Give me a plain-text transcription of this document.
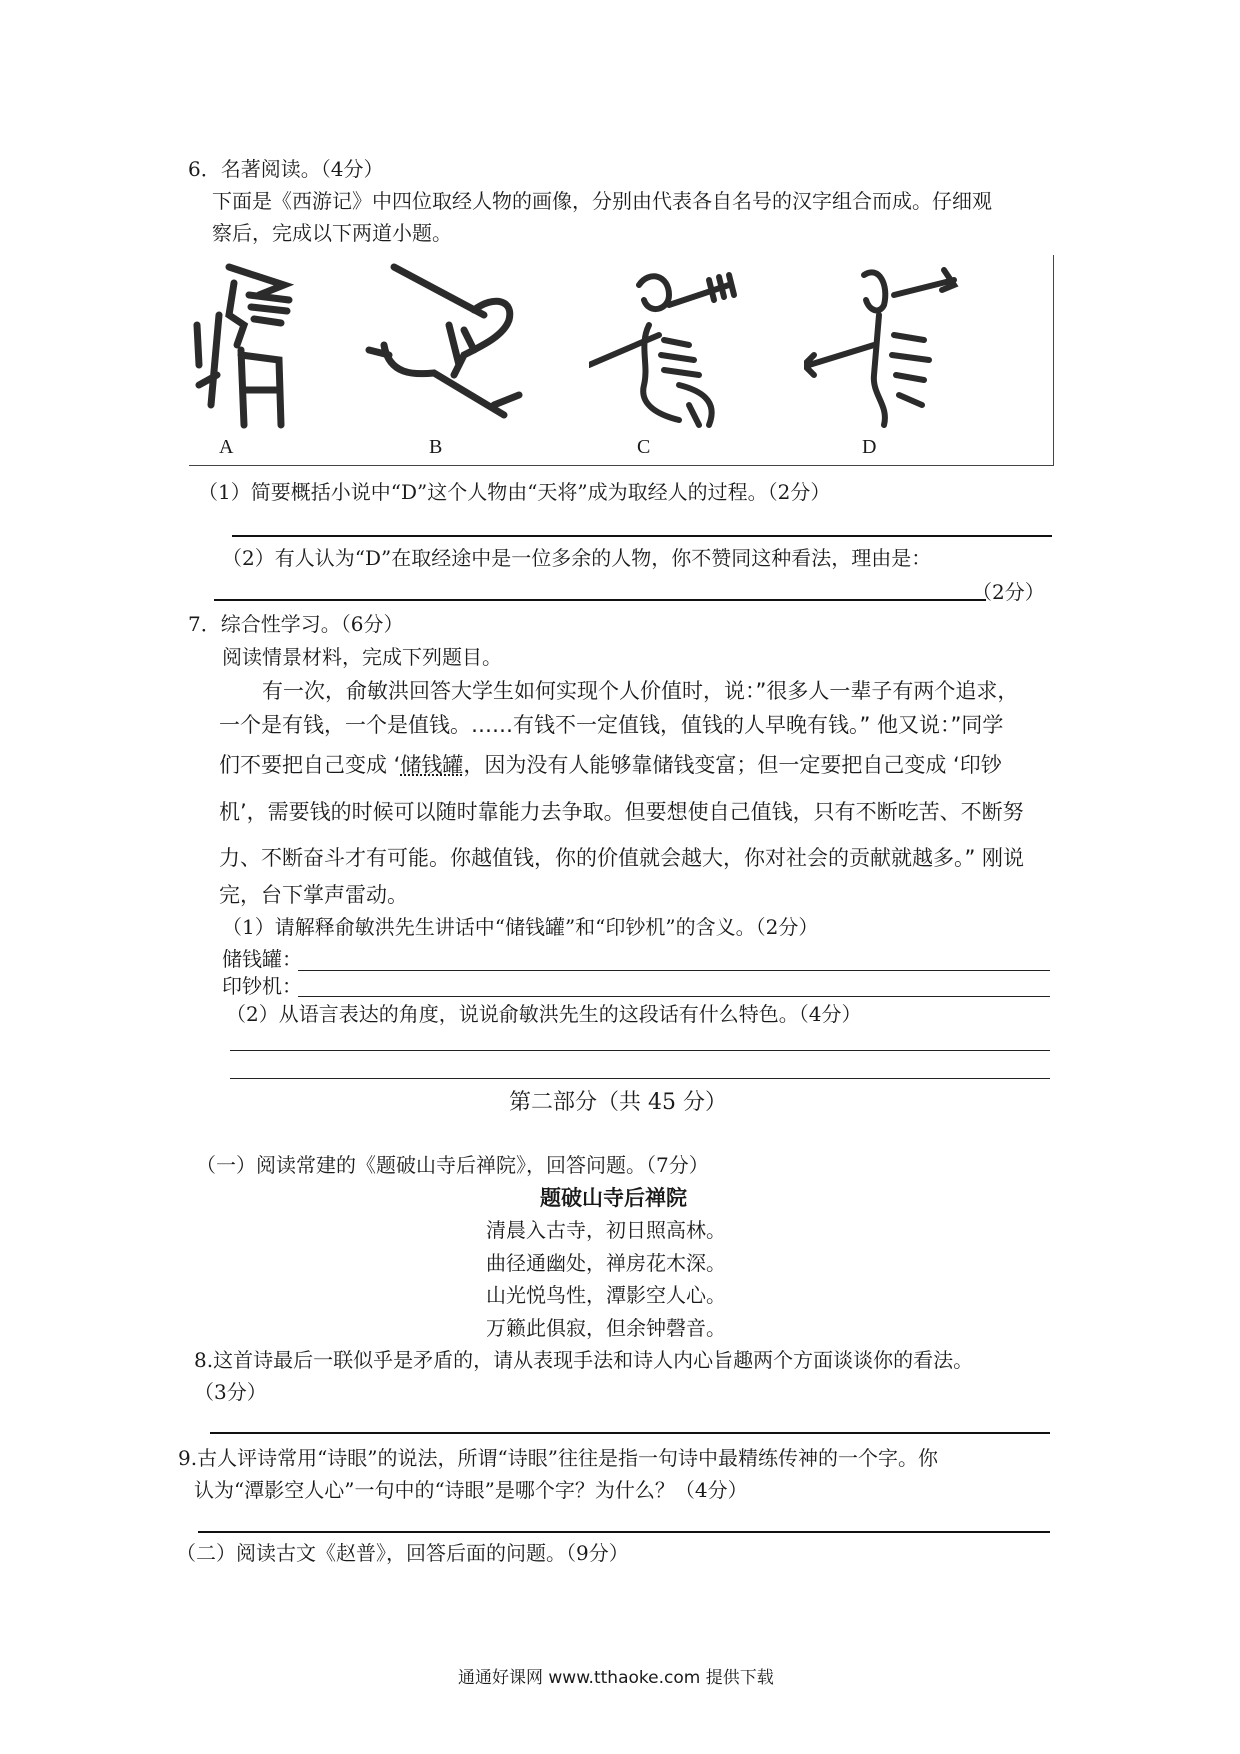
6．名著阅读。（4分）
下面是《西游记》中四位取经人物的画像，分别由代表各自名号的汉字组合而成。仔细观
察后，完成以下两道小题。
A	B	C	D
（1）简要概括小说中“D”这个人物由“天将”成为取经人的过程。（2分）
（2）有人认为“D”在取经途中是一位多余的人物，你不赞同这种看法，理由是：
（2分）
7．综合性学习。（6分）
阅读情景材料，完成下列题目。
有一次，俞敏洪回答大学生如何实现个人价值时，说：”很多人一辈子有两个追求，
一个是有钱，一个是值钱。……有钱不一定值钱，值钱的人早晚有钱。” 他又说：”同学
们不要把自己变成 ‘储钱罐，因为没有人能够靠储钱变富；但一定要把自己变成 ‘印钞
机’，需要钱的时候可以随时靠能力去争取。但要想使自己值钱，只有不断吃苦、不断努
力、不断奋斗才有可能。你越值钱，你的价值就会越大，你对社会的贡献就越多。” 刚说
完，台下掌声雷动。
（1）请解释俞敏洪先生讲话中“储钱罐”和“印钞机”的含义。（2分）
储钱罐：
印钞机：
（2）从语言表达的角度，说说俞敏洪先生的这段话有什么特色。（4分）
第二部分（共 45 分）
（一）阅读常建的《题破山寺后禅院》，回答问题。（7分）
题破山寺后禅院
清晨入古寺，初日照高林。
曲径通幽处，禅房花木深。
山光悦鸟性，潭影空人心。
万籁此俱寂，但余钟磬音。
8.这首诗最后一联似乎是矛盾的，请从表现手法和诗人内心旨趣两个方面谈谈你的看法。
（3分）
9.古人评诗常用“诗眼”的说法，所谓“诗眼”往往是指一句诗中最精练传神的一个字。你
认为“潭影空人心”一句中的“诗眼”是哪个字？为什么？（4分）
（二）阅读古文《赵普》，回答后面的问题。（9分）
通通好课网 www.tthaoke.com 提供下载
